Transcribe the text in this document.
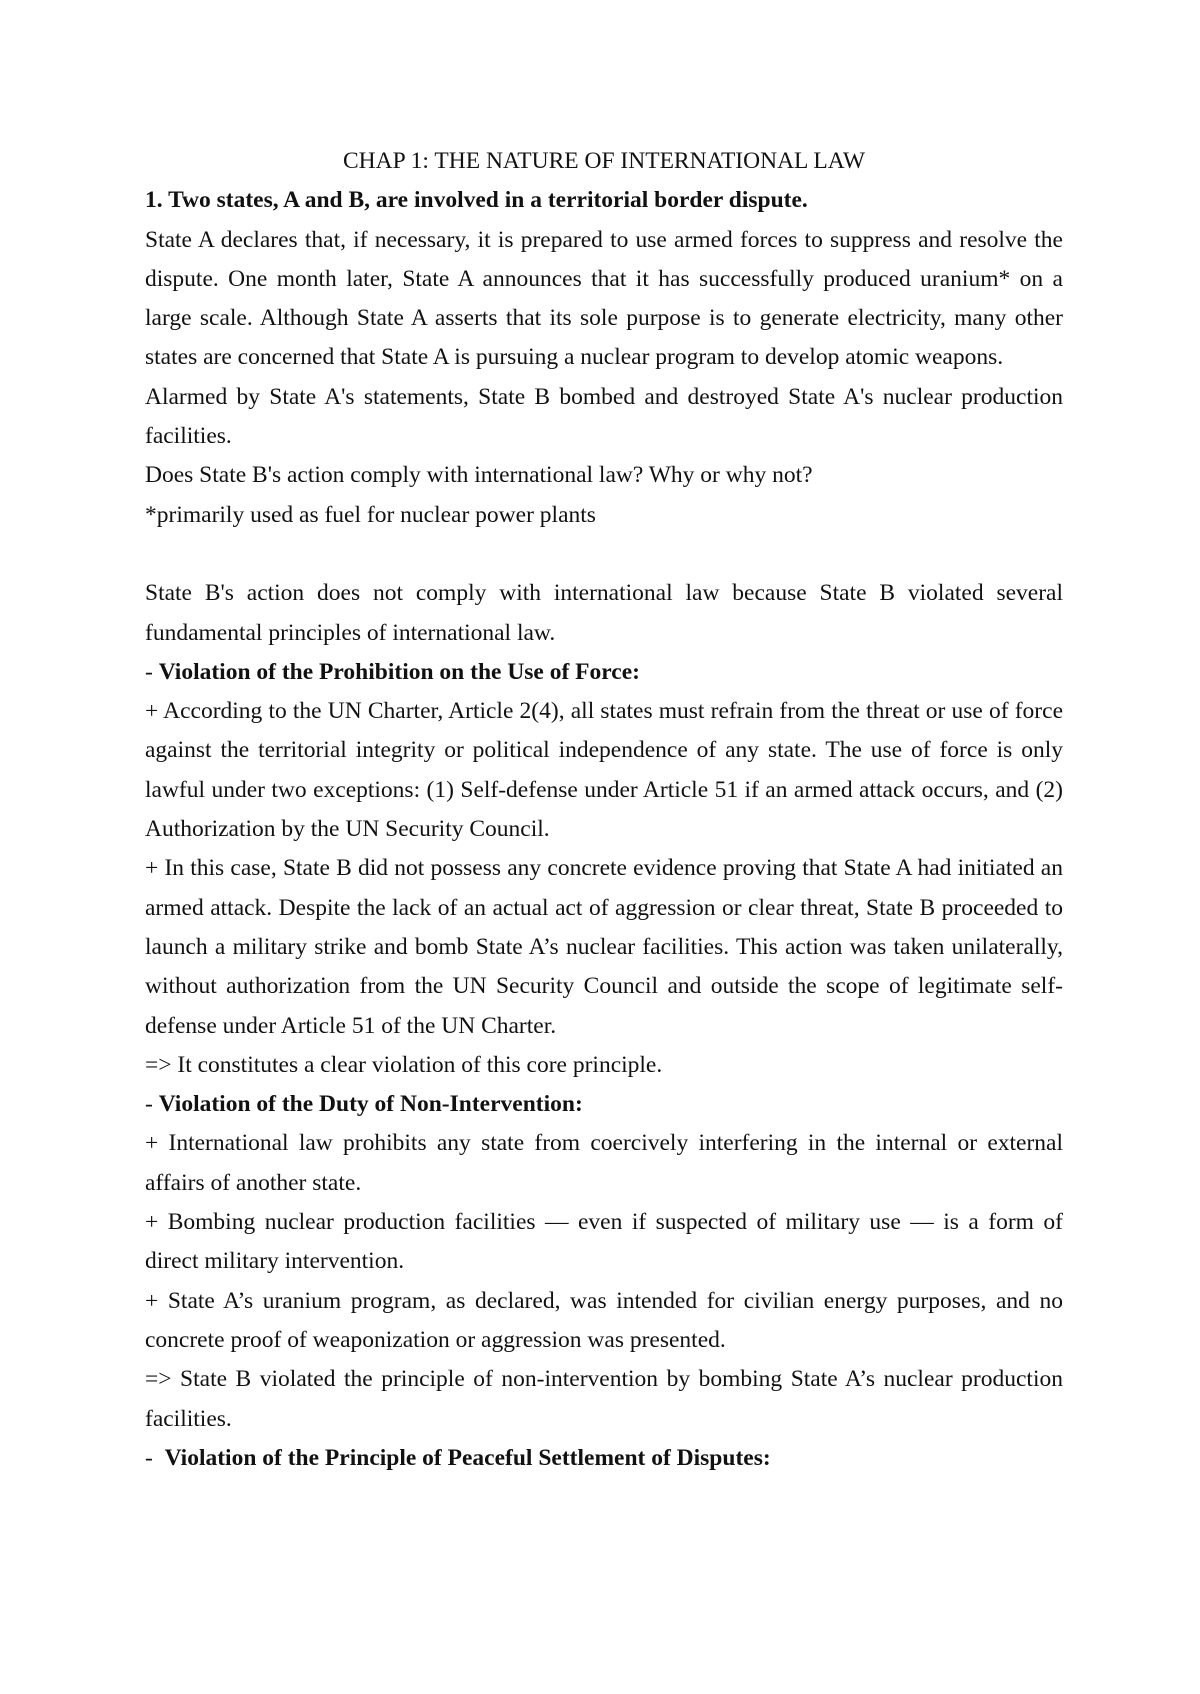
CHAP 1: THE NATURE OF INTERNATIONAL LAW

1. Two states, A and B, are involved in a territorial border dispute.

State A declares that, if necessary, it is prepared to use armed forces to suppress and resolve the dispute. One month later, State A announces that it has successfully produced uranium* on a large scale. Although State A asserts that its sole purpose is to generate electricity, many other states are concerned that State A is pursuing a nuclear program to develop atomic weapons.

Alarmed by State A's statements, State B bombed and destroyed State A's nuclear production facilities.

Does State B's action comply with international law? Why or why not?

*primarily used as fuel for nuclear power plants

State B's action does not comply with international law because State B violated several fundamental principles of international law.

- Violation of the Prohibition on the Use of Force:

+ According to the UN Charter, Article 2(4), all states must refrain from the threat or use of force against the territorial integrity or political independence of any state. The use of force is only lawful under two exceptions: (1) Self-defense under Article 51 if an armed attack occurs, and (2) Authorization by the UN Security Council.

+ In this case, State B did not possess any concrete evidence proving that State A had initiated an armed attack. Despite the lack of an actual act of aggression or clear threat, State B proceeded to launch a military strike and bomb State A’s nuclear facilities. This action was taken unilaterally, without authorization from the UN Security Council and outside the scope of legitimate self-defense under Article 51 of the UN Charter.

=> It constitutes a clear violation of this core principle.

- Violation of the Duty of Non-Intervention:

+ International law prohibits any state from coercively interfering in the internal or external affairs of another state.

+ Bombing nuclear production facilities — even if suspected of military use — is a form of direct military intervention.

+ State A’s uranium program, as declared, was intended for civilian energy purposes, and no concrete proof of weaponization or aggression was presented.

=> State B violated the principle of non-intervention by bombing State A’s nuclear production facilities.

-  Violation of the Principle of Peaceful Settlement of Disputes:
